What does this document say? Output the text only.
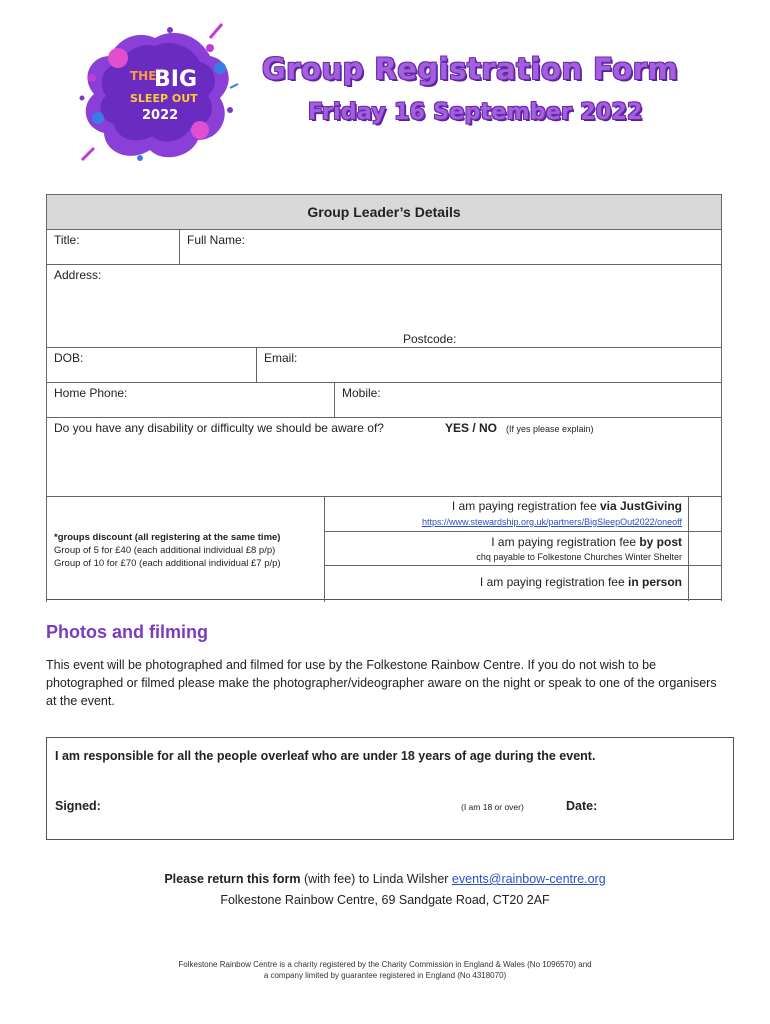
THE
BIG
SLEEP OUT
2022
Group Registration Form
Friday 16 September 2022
Group Leader’s Details
Title:	Full Name:
Address:
Postcode:
DOB:	Email:
Home Phone:	Mobile:
Do you have any disability or difficulty we should be aware of?	YES / NO (If yes please explain)
*groups discount (all registering at the same time)
Group of 5 for £40 (each additional individual £8 p/p)
Group of 10 for £70 (each additional individual £7 p/p)
I am paying registration fee via JustGiving
https://www.stewardship.org.uk/partners/BigSleepOut2022/oneoff
I am paying registration fee by post
chq payable to Folkestone Churches Winter Shelter
I am paying registration fee in person
Photos and filming
This event will be photographed and filmed for use by the Folkestone Rainbow Centre. If you do not wish to be photographed or filmed please make the photographer/videographer aware on the night or speak to one of the organisers at the event.
I am responsible for all the people overleaf who are under 18 years of age during the event.
Signed:	(I am 18 or over)	Date:
Please return this form (with fee) to Linda Wilsher events@rainbow-centre.org
Folkestone Rainbow Centre, 69 Sandgate Road, CT20 2AF
Folkestone Rainbow Centre is a charity registered by the Charity Commission in England & Wales (No 1096570) and
a company limited by guarantee registered in England (No 4318070)
